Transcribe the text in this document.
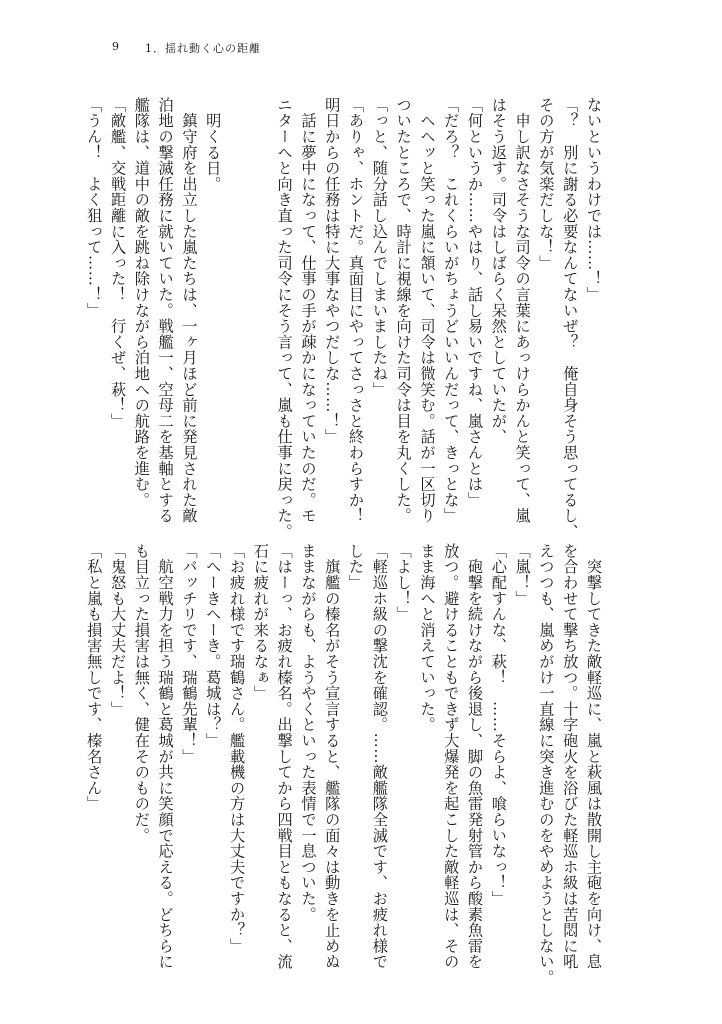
9 1．揺れ動く心の距離
ないというわけでは……！」
「？　別に謝る必要なんてないぜ？　俺自身そう思ってるし、
その方が気楽だしな！」
　申し訳なさそうな司令の言葉にあっけらかんと笑って、嵐
はそう返す。司令はしばらく呆然としていたが、
「何というか……やはり、話し易いですね、嵐さんとは」
「だろ？　これくらいがちょうどいいんだって、きっとな」
　へへッと笑った嵐に頷いて、司令は微笑む。話が一区切り
ついたところで、時計に視線を向けた司令は目を丸くした。
「っと、随分話し込んでしまいましたね」
「ありゃ、ホントだ。真面目にやってさっさと終わらすか！
明日からの任務は特に大事なやつだしな……！」
　話に夢中になって、仕事の手が疎かになっていたのだ。モ
ニターへと向き直った司令にそう言って、嵐も仕事に戻った。

　明くる日。
　鎮守府を出立した嵐たちは、一ヶ月ほど前に発見された敵
泊地の撃滅任務に就いていた。戦艦一、空母二を基軸とする
艦隊は、道中の敵を跳ね除けながら泊地への航路を進む。
「敵艦、交戦距離に入った！　行くぜ、萩！」
「うん！　よく狙って……！」
　突撃してきた敵軽巡に、嵐と萩風は散開し主砲を向け、息
を合わせて撃ち放つ。十字砲火を浴びた軽巡ホ級は苦悶に吼
えつつも、嵐めがけ一直線に突き進むのをやめようとしない。
「嵐！」
「心配すんな、萩！　……そらよ、喰らいなっ！」
　砲撃を続けながら後退し、脚の魚雷発射管から酸素魚雷を
放つ。避けることもできず大爆発を起こした敵軽巡は、その
まま海へと消えていった。
「よし！」
「軽巡ホ級の撃沈を確認。……敵艦隊全滅です、お疲れ様で
した」
　旗艦の榛名がそう宣言すると、艦隊の面々は動きを止めぬ
ままながらも、ようやくといった表情で一息ついた。
「はーっ、お疲れ榛名。出撃してから四戦目ともなると、流
石に疲れが来るなぁ」
「お疲れ様です瑞鶴さん。艦載機の方は大丈夫ですか？」
「へーきへーき。葛城は？」
「バッチリです、瑞鶴先輩！」
　航空戦力を担う瑞鶴と葛城が共に笑顔で応える。どちらに
も目立った損害は無く、健在そのものだ。
「鬼怒も大丈夫だよ！」
「私と嵐も損害無しです、榛名さん」
